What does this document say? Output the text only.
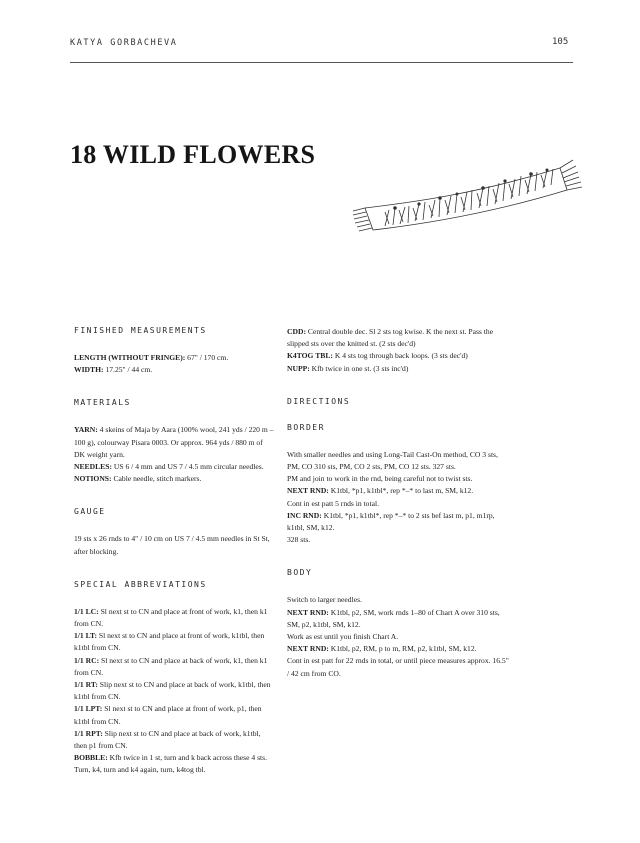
KATYA GORBACHEVA	105
18 WILD FLOWERS
FINISHED MEASUREMENTS

LENGTH (WITHOUT FRINGE): 67" / 170 cm.

WIDTH: 17.25" / 44 cm.

MATERIALS

YARN: 4 skeins of Maja by Aara (100% wool, 241 yds / 220 m – 100 g), colourway Pisara 0003. Or approx. 964 yds / 880 m of DK weight yarn.

NEEDLES: US 6 / 4 mm and US 7 / 4.5 mm circular needles.

NOTIONS: Cable needle, stitch markers.

GAUGE

19 sts x 26 rnds to 4" / 10 cm on US 7 / 4.5 mm needles in St St, after blocking.

SPECIAL ABBREVIATIONS

1/1 LC: Sl next st to CN and place at front of work, k1, then k1 from CN.

1/1 LT: Sl next st to CN and place at front of work, k1tbl, then k1tbl from CN.

1/1 RC: Sl next st to CN and place at back of work, k1, then k1 from CN.

1/1 RT: Slip next st to CN and place at back of work, k1tbl, then k1tbl from CN.

1/1 LPT: Sl next st to CN and place at front of work, p1, then k1tbl from CN.

1/1 RPT: Slip next st to CN and place at back of work, k1tbl, then p1 from CN.

BOBBLE: Kfb twice in 1 st, turn and k back across these 4 sts. Turn, k4, turn and k4 again, turn, k4tog tbl.

CDD: Central double dec. Sl 2 sts tog kwise. K the next st. Pass the slipped sts over the knitted st. (2 sts dec'd)

K4TOG TBL: K 4 sts tog through back loops. (3 sts dec'd)

NUPP: Kfb twice in one st. (3 sts inc'd)

DIRECTIONS
BORDER

With smaller needles and using Long-Tail Cast-On method, CO 3 sts, PM, CO 310 sts, PM, CO 2 sts, PM, CO 12 sts. 327 sts.

PM and join to work in the rnd, being careful not to twist sts.

NEXT RND: K1tbl, *p1, k1tbl*, rep *–* to last m, SM, k12.

Cont in est patt 5 rnds in total.

INC RND: K1tbl, *p1, k1tbl*, rep *–* to 2 sts bef last m, p1, m1rp, k1tbl, SM, k12.

328 sts.

BODY

Switch to larger needles.

NEXT RND: K1tbl, p2, SM, work rnds 1–80 of Chart A over 310 sts, SM, p2, k1tbl, SM, k12.

Work as est until you finish Chart A.

NEXT RND: K1tbl, p2, RM, p to m, RM, p2, k1tbl, SM, k12.

Cont in est patt for 22 rnds in total, or until piece measures approx. 16.5" / 42 cm from CO.
